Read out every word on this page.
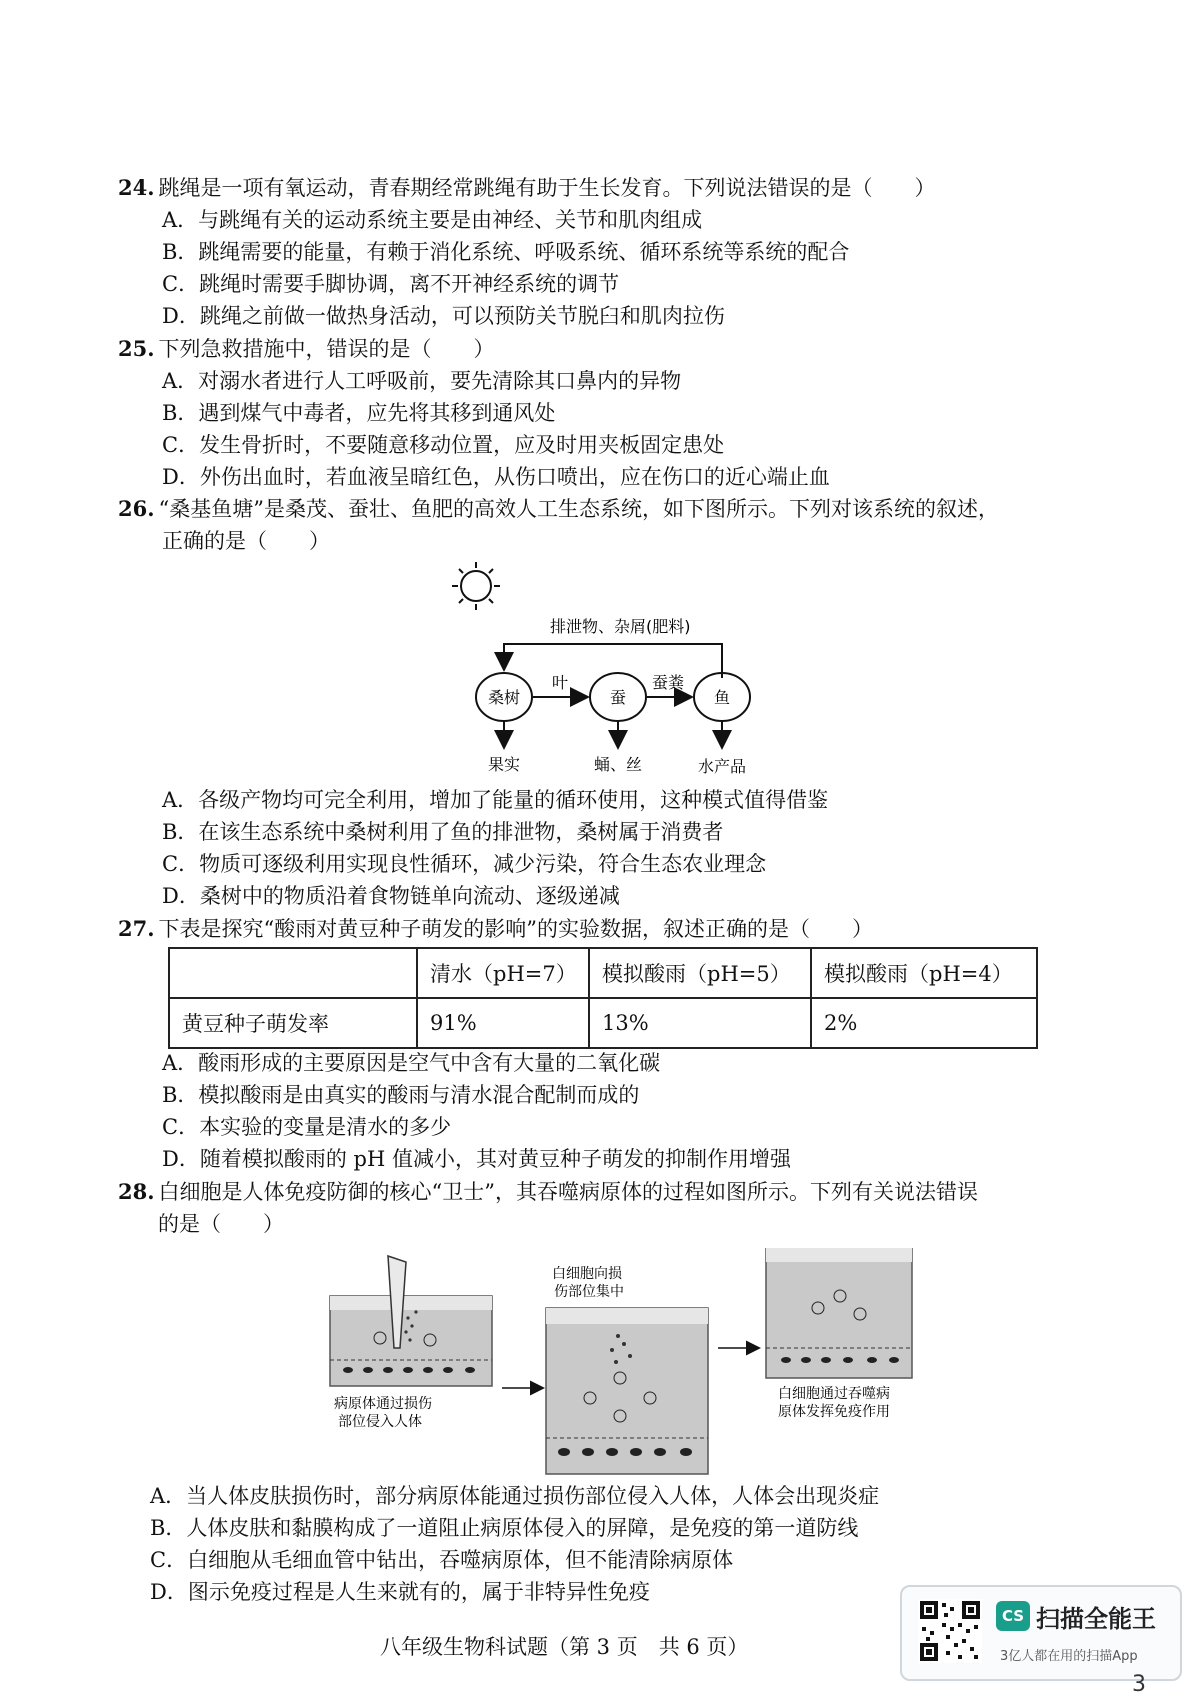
24. 跳绳是一项有氧运动，青春期经常跳绳有助于生长发育。下列说法错误的是（　　）
A．与跳绳有关的运动系统主要是由神经、关节和肌肉组成
B．跳绳需要的能量，有赖于消化系统、呼吸系统、循环系统等系统的配合
C．跳绳时需要手脚协调，离不开神经系统的调节
D．跳绳之前做一做热身活动，可以预防关节脱臼和肌肉拉伤
25. 下列急救措施中，错误的是（　　）
A．对溺水者进行人工呼吸前，要先清除其口鼻内的异物
B．遇到煤气中毒者，应先将其移到通风处
C．发生骨折时，不要随意移动位置，应及时用夹板固定患处
D．外伤出血时，若血液呈暗红色，从伤口喷出，应在伤口的近心端止血
26. “桑基鱼塘”是桑茂、蚕壮、鱼肥的高效人工生态系统，如下图所示。下列对该系统的叙述，
正确的是（　　）
排泄物、杂屑(肥料)
桑树	蚕	鱼
叶	蚕粪
果实	蛹、丝	水产品
A．各级产物均可完全利用，增加了能量的循环使用，这种模式值得借鉴
B．在该生态系统中桑树利用了鱼的排泄物，桑树属于消费者
C．物质可逐级利用实现良性循环，减少污染，符合生态农业理念
D．桑树中的物质沿着食物链单向流动、逐级递减
27. 下表是探究“酸雨对黄豆种子萌发的影响”的实验数据，叙述正确的是（　　）
	清水（pH=7）	模拟酸雨（pH=5）	模拟酸雨（pH=4）
黄豆种子萌发率	91%	13%	2%
A．酸雨形成的主要原因是空气中含有大量的二氧化碳
B．模拟酸雨是由真实的酸雨与清水混合配制而成的
C．本实验的变量是清水的多少
D．随着模拟酸雨的 pH 值减小，其对黄豆种子萌发的抑制作用增强
28. 白细胞是人体免疫防御的核心“卫士”，其吞噬病原体的过程如图所示。下列有关说法错误
的是（　　）
病原体通过损伤
部位侵入人体
白细胞向损
伤部位集中
白细胞通过吞噬病
原体发挥免疫作用
A．当人体皮肤损伤时，部分病原体能通过损伤部位侵入人体，人体会出现炎症
B．人体皮肤和黏膜构成了一道阻止病原体侵入的屏障，是免疫的第一道防线
C．白细胞从毛细血管中钻出，吞噬病原体，但不能清除病原体
D．图示免疫过程是人生来就有的，属于非特异性免疫
八年级生物科试题（第 3 页　共 6 页）
CS 扫描全能王
3亿人都在用的扫描App
3
